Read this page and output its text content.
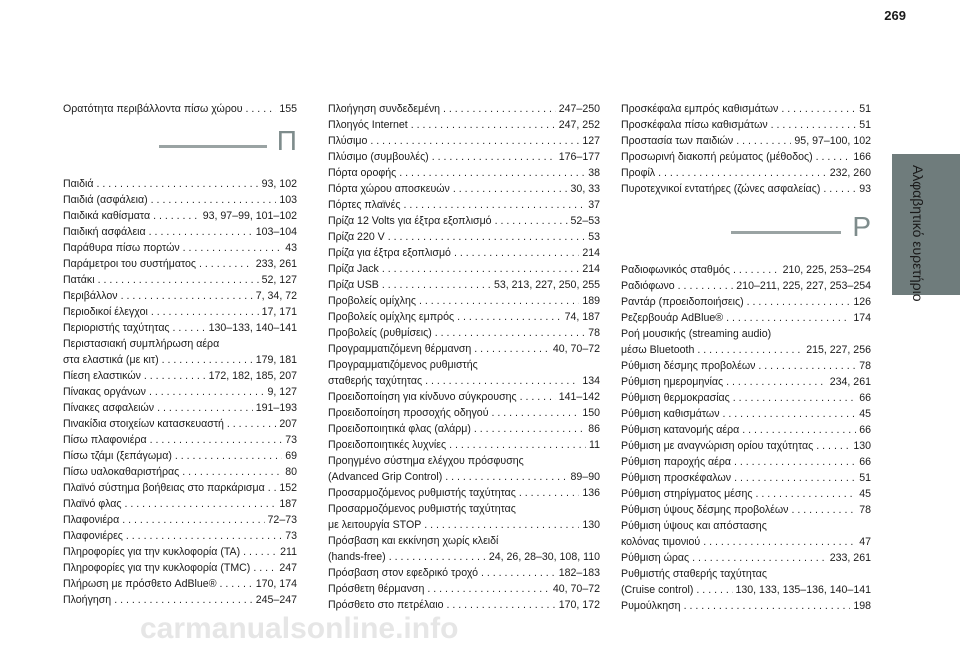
269
Αλφαβητικό ευρετήριο
Ορατότητα περιβάλλοντα πίσω χώρου . . .	155
Π
Παιδιά . . .	93, 102
Παιδιά (ασφάλεια) . . .	103
Παιδικά καθίσματα . . .	93, 97–99, 101–102
Παιδική ασφάλεια . . .	103–104
Παράθυρα πίσω πορτών . . .	43
Παράμετροι του συστήματος . . .	233, 261
Πατάκι . . .	52, 127
Περιβάλλον . . .	7, 34, 72
Περιοδικοί έλεγχοι . . .	17, 171
Περιοριστής ταχύτητας . . .	130–133, 140–141
Περιστασιακή συμπλήρωση αέρα
στα ελαστικά (με κιτ) . . .	179, 181
Πίεση ελαστικών . . .	172, 182, 185, 207
Πίνακας οργάνων . . .	9, 127
Πίνακες ασφαλειών . . .	191–193
Πινακίδια στοιχείων κατασκευαστή . . .	207
Πίσω πλαφονιέρα . . .	73
Πίσω τζάμι (ξεπάγωμα) . . .	69
Πίσω υαλοκαθαριστήρας . . .	80
Πλαϊνό σύστημα βοήθειας στο παρκάρισμα . . . 152
Πλαϊνό φλας . . .	187
Πλαφονιέρα . . .	72–73
Πλαφονιέρες . . .	73
Πληροφορίες για την κυκλοφορία (TA) . . .	211
Πληροφορίες για την κυκλοφορία (TMC) . . .	247
Πλήρωση με πρόσθετο AdBlue® . . .	170, 174
Πλοήγηση . . .	245–247
Πλοήγηση συνδεδεμένη . . .	247–250
Πλοηγός Internet . . .	247, 252
Πλύσιμο . . .	127
Πλύσιμο (συμβουλές) . . .	176–177
Πόρτα οροφής . . .	38
Πόρτα χώρου αποσκευών . . .	30, 33
Πόρτες πλαϊνές . . .	37
Πρίζα 12 Volts για έξτρα εξοπλισμό . . .	52–53
Πρίζα 220 V . . .	53
Πρίζα για έξτρα εξοπλισμό . . .	214
Πρίζα Jack . . .	214
Πρίζα USB . . .	53, 213, 227, 250, 255
Προβολείς ομίχλης . . .	189
Προβολείς ομίχλης εμπρός . . .	74, 187
Προβολείς (ρυθμίσεις) . . .	78
Προγραμματιζόμενη θέρμανση . . .	40, 70–72
Προγραμματιζόμενος ρυθμιστής
σταθερής ταχύτητας . . .	134
Προειδοποίηση για κίνδυνο σύγκρουσης . . .	141–142
Προειδοποίηση προσοχής οδηγού . . .	150
Προειδοποιητικά φλας (αλάρμ) . . .	86
Προειδοποιητικές λυχνίες . . .	11
Προηγμένο σύστημα ελέγχου πρόσφυσης
(Advanced Grip Control) . . .	89–90
Προσαρμοζόμενος ρυθμιστής ταχύτητας . . .	136
Προσαρμοζόμενος ρυθμιστής ταχύτητας
με λειτουργία STOP . . .	130
Πρόσβαση και εκκίνηση χωρίς κλειδί
(hands-free) . . .	24, 26, 28–30, 108, 110
Πρόσβαση στον εφεδρικό τροχό . . .	182–183
Πρόσθετη θέρμανση . . .	40, 70–72
Πρόσθετο στο πετρέλαιο . . .	170, 172
Προσκέφαλα εμπρός καθισμάτων . . .	51
Προσκέφαλα πίσω καθισμάτων . . .	51
Προστασία των παιδιών . . .	95, 97–100, 102
Προσωρινή διακοπή ρεύματος (μέθοδος) . . .	166
Προφίλ . . .	232, 260
Πυροτεχνικοί εντατήρες (ζώνες ασφαλείας) . . .	93
Ρ
Ραδιοφωνικός σταθμός . . .	210, 225, 253–254
Ραδιόφωνο . . .	210–211, 225, 227, 253–254
Ραντάρ (προειδοποιήσεις) . . .	126
Ρεζερβουάρ AdBlue® . . .	174
Ροή μουσικής (streaming audio)
μέσω Bluetooth . . .	215, 227, 256
Ρύθμιση δέσμης προβολέων . . .	78
Ρύθμιση ημερομηνίας . . .	234, 261
Ρύθμιση θερμοκρασίας . . .	66
Ρύθμιση καθισμάτων . . .	45
Ρύθμιση κατανομής αέρα . . .	66
Ρύθμιση με αναγνώριση ορίου ταχύτητας . . .	130
Ρύθμιση παροχής αέρα . . .	66
Ρύθμιση προσκέφαλων . . .	51
Ρύθμιση στηρίγματος μέσης . . .	45
Ρύθμιση ύψους δέσμης προβολέων . . .	78
Ρύθμιση ύψους και απόστασης
κολόνας τιμονιού . . .	47
Ρύθμιση ώρας . . .	233, 261
Ρυθμιστής σταθερής ταχύτητας
(Cruise control) . . .	130, 133, 135–136, 140–141
Ρυμούλκηση . . .	198
carmanualsonline.info
